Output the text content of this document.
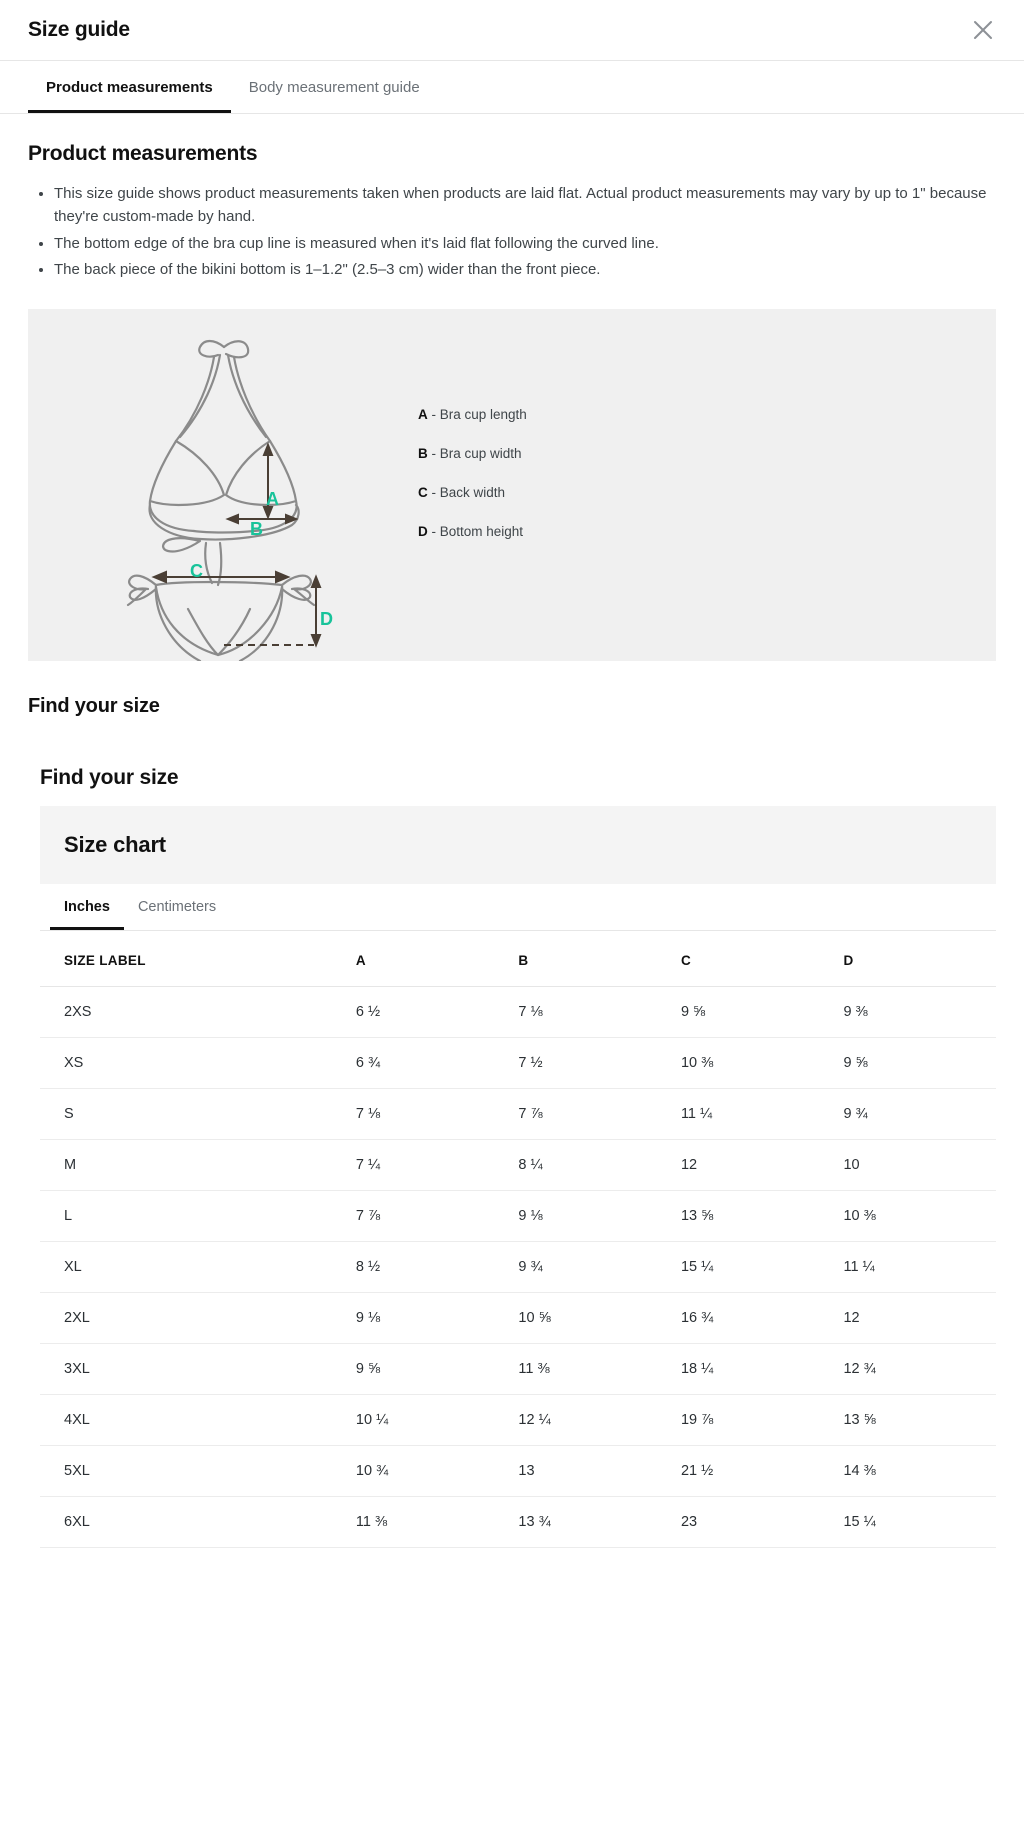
Size guide
Product measurements	Body measurement guide
Product measurements
• This size guide shows product measurements taken when products are laid flat. Actual product measurements may vary by up to 1" because they're custom-made by hand.
• The bottom edge of the bra cup line is measured when it's laid flat following the curved line.
• The back piece of the bikini bottom is 1–1.2" (2.5–3 cm) wider than the front piece.
A
B
C
D
A - Bra cup length
B - Bra cup width
C - Back width
D - Bottom height
Find your size
Find your size
Size chart
Inches	Centimeters
SIZE LABEL	A	B	C	D
2XS	6 ½	7 ⅛	9 ⅝	9 ⅜
XS	6 ¾	7 ½	10 ⅜	9 ⅝
S	7 ⅛	7 ⅞	11 ¼	9 ¾
M	7 ¼	8 ¼	12	10
L	7 ⅞	9 ⅛	13 ⅝	10 ⅜
XL	8 ½	9 ¾	15 ¼	11 ¼
2XL	9 ⅛	10 ⅝	16 ¾	12
3XL	9 ⅝	11 ⅜	18 ¼	12 ¾
4XL	10 ¼	12 ¼	19 ⅞	13 ⅝
5XL	10 ¾	13	21 ½	14 ⅜
6XL	11 ⅜	13 ¾	23	15 ¼
